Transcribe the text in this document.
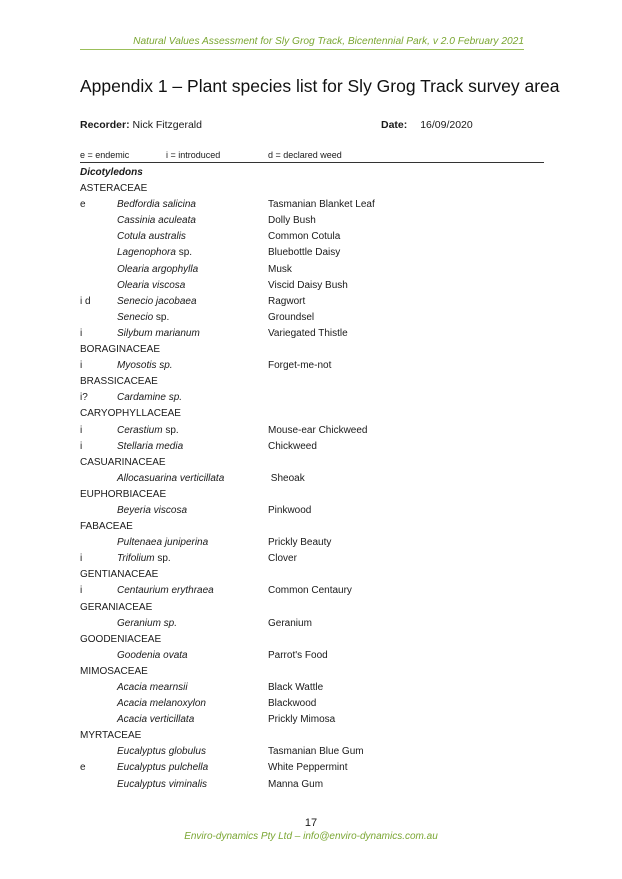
Natural Values Assessment for Sly Grog Track, Bicentennial Park, v 2.0 February 2021
Appendix 1 – Plant species list for Sly Grog Track survey area
Recorder: Nick Fitzgerald	Date: 16/09/2020
e = endemic	i = introduced	d = declared weed
Dicotyledons
ASTERACEAE
e	Bedfordia salicina	Tasmanian Blanket Leaf
Cassinia aculeata	Dolly Bush
Cotula australis	Common Cotula
Lagenophora sp.	Bluebottle Daisy
Olearia argophylla	Musk
Olearia viscosa	Viscid Daisy Bush
i d	Senecio jacobaea	Ragwort
Senecio sp.	Groundsel
i	Silybum marianum	Variegated Thistle
BORAGINACEAE
i	Myosotis sp.	Forget-me-not
BRASSICACEAE
i?	Cardamine sp.
CARYOPHYLLACEAE
i	Cerastium sp.	Mouse-ear Chickweed
i	Stellaria media	Chickweed
CASUARINACEAE
Allocasuarina verticillata	Sheoak
EUPHORBIACEAE
Beyeria viscosa	Pinkwood
FABACEAE
Pultenaea juniperina	Prickly Beauty
i	Trifolium sp.	Clover
GENTIANACEAE
i	Centaurium erythraea	Common Centaury
GERANIACEAE
Geranium sp.	Geranium
GOODENIACEAE
Goodenia ovata	Parrot's Food
MIMOSACEAE
Acacia mearnsii	Black Wattle
Acacia melanoxylon	Blackwood
Acacia verticillata	Prickly Mimosa
MYRTACEAE
Eucalyptus globulus	Tasmanian Blue Gum
e	Eucalyptus pulchella	White Peppermint
Eucalyptus viminalis	Manna Gum
17
Enviro-dynamics Pty Ltd – info@enviro-dynamics.com.au
